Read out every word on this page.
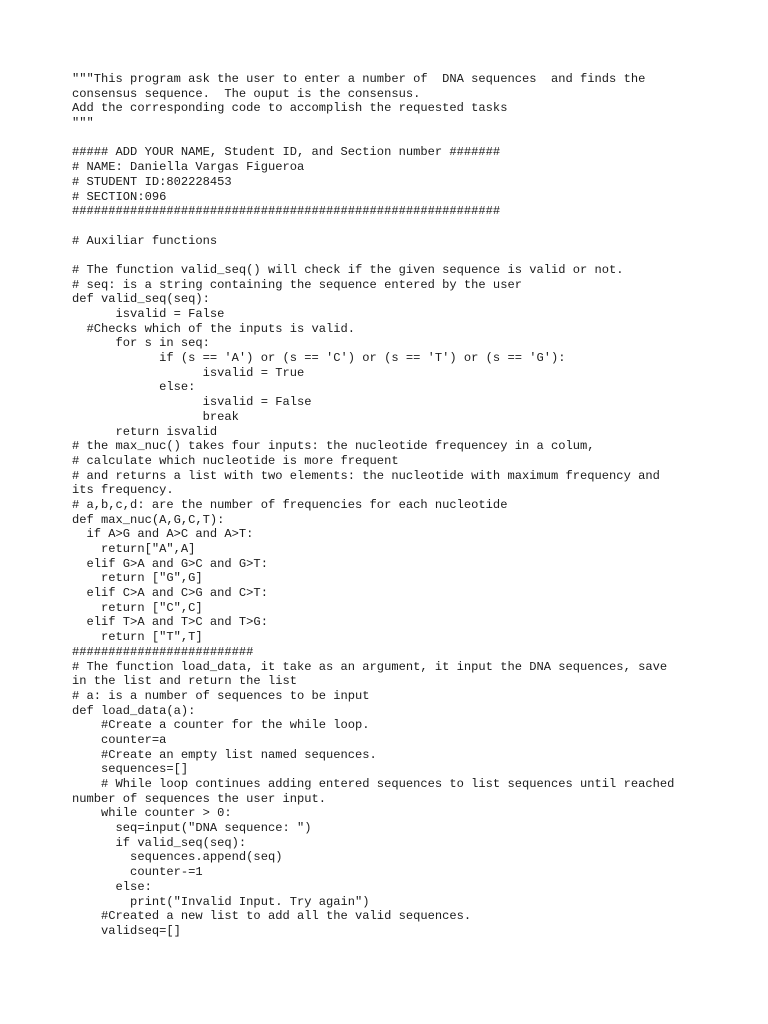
"""This program ask the user to enter a number of  DNA sequences  and finds the
consensus sequence.  The ouput is the consensus.
Add the corresponding code to accomplish the requested tasks
"""
##### ADD YOUR NAME, Student ID, and Section number #######
# NAME: Daniella Vargas Figueroa
# STUDENT ID:802228453
# SECTION:096
###########################################################
# Auxiliar functions
# The function valid_seq() will check if the given sequence is valid or not.
# seq: is a string containing the sequence entered by the user
def valid_seq(seq):
isvalid = False
#Checks which of the inputs is valid.
for s in seq:
if (s == 'A') or (s == 'C') or (s == 'T') or (s == 'G'):
isvalid = True
else:
isvalid = False
break
return isvalid
# the max_nuc() takes four inputs: the nucleotide frequencey in a colum,
# calculate which nucleotide is more frequent
# and returns a list with two elements: the nucleotide with maximum frequency and
its frequency.
# a,b,c,d: are the number of frequencies for each nucleotide
def max_nuc(A,G,C,T):
if A>G and A>C and A>T:
return["A",A]
elif G>A and G>C and G>T:
return ["G",G]
elif C>A and C>G and C>T:
return ["C",C]
elif T>A and T>C and T>G:
return ["T",T]
#########################
# The function load_data, it take as an argument, it input the DNA sequences, save
in the list and return the list
# a: is a number of sequences to be input
def load_data(a):
#Create a counter for the while loop.
counter=a
#Create an empty list named sequences.
sequences=[]
# While loop continues adding entered sequences to list sequences until reached
number of sequences the user input.
while counter > 0:
seq=input("DNA sequence: ")
if valid_seq(seq):
sequences.append(seq)
counter-=1
else:
print("Invalid Input. Try again")
#Created a new list to add all the valid sequences.
validseq=[]
